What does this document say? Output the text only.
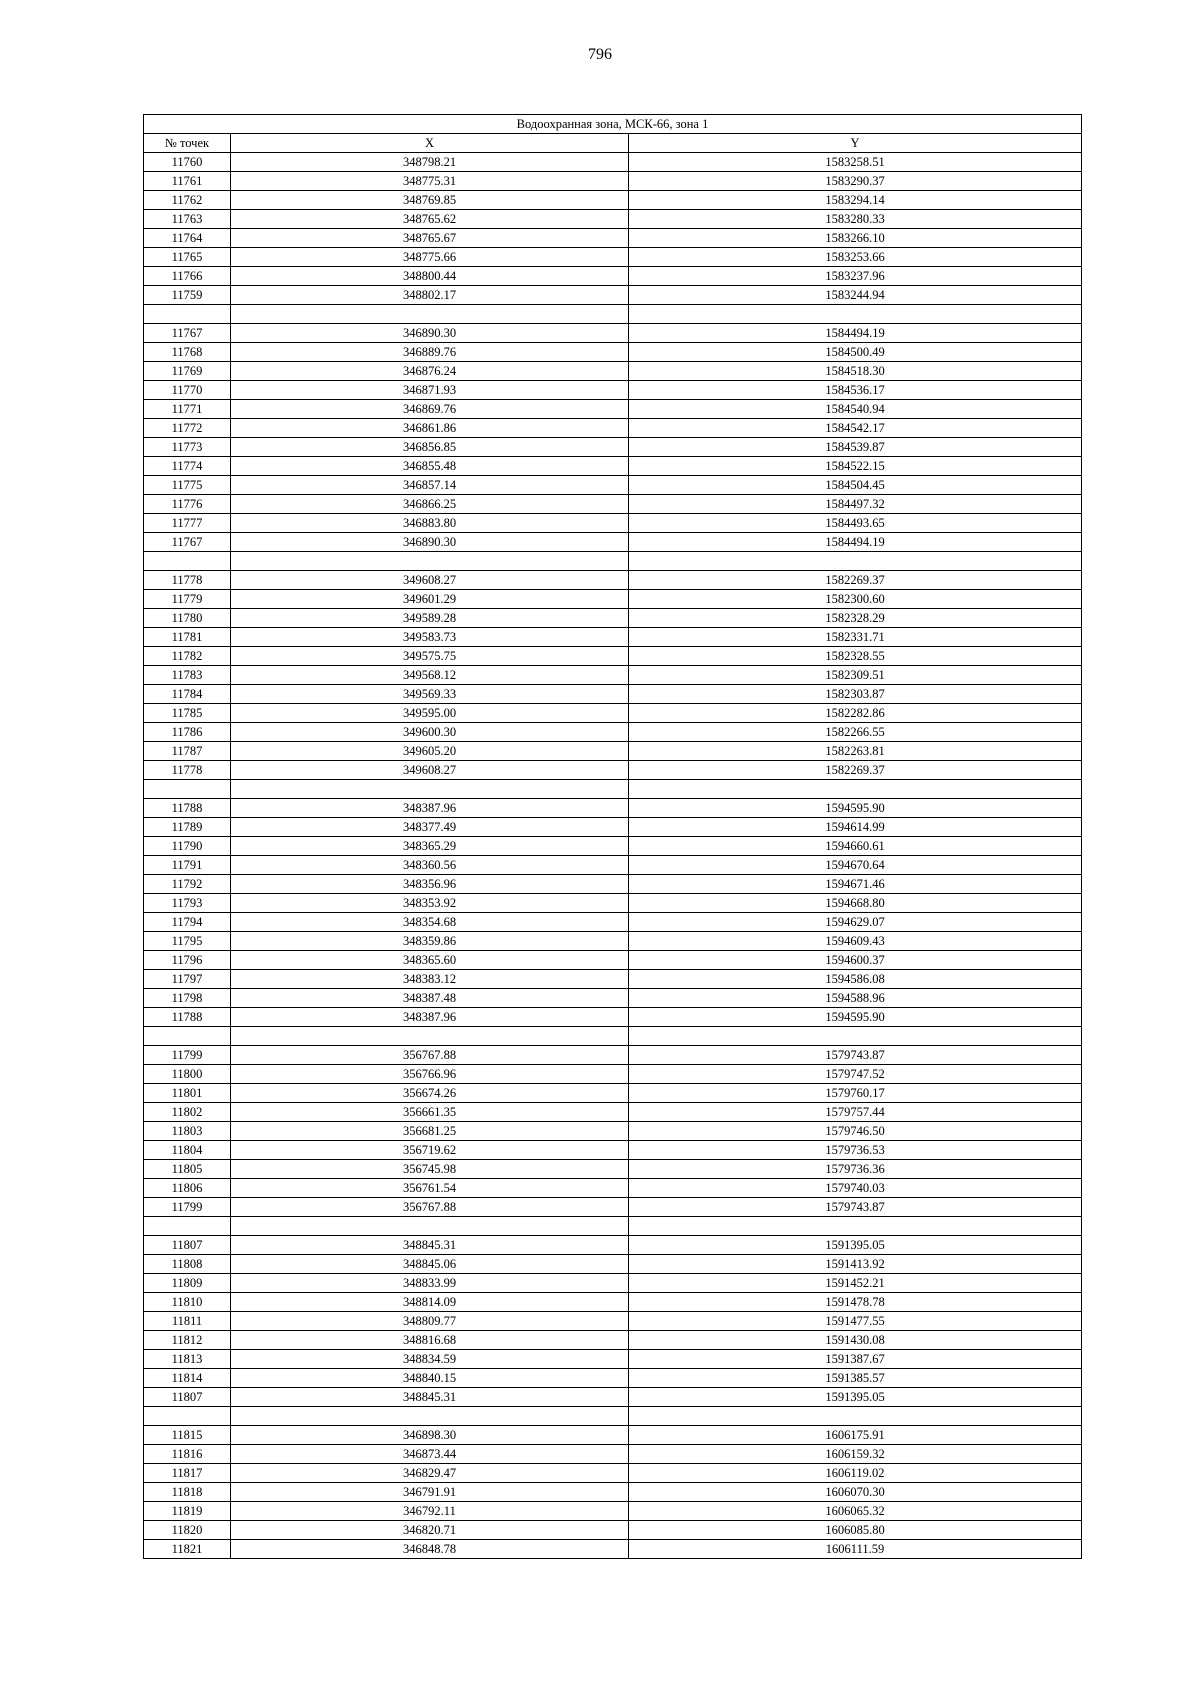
796
Водоохранная зона, МСК-66, зона 1		
№ точек	X	Y
11760	348798.21	1583258.51
11761	348775.31	1583290.37
11762	348769.85	1583294.14
11763	348765.62	1583280.33
11764	348765.67	1583266.10
11765	348775.66	1583253.66
11766	348800.44	1583237.96
11759	348802.17	1583244.94

11767	346890.30	1584494.19
11768	346889.76	1584500.49
11769	346876.24	1584518.30
11770	346871.93	1584536.17
11771	346869.76	1584540.94
11772	346861.86	1584542.17
11773	346856.85	1584539.87
11774	346855.48	1584522.15
11775	346857.14	1584504.45
11776	346866.25	1584497.32
11777	346883.80	1584493.65
11767	346890.30	1584494.19

11778	349608.27	1582269.37
11779	349601.29	1582300.60
11780	349589.28	1582328.29
11781	349583.73	1582331.71
11782	349575.75	1582328.55
11783	349568.12	1582309.51
11784	349569.33	1582303.87
11785	349595.00	1582282.86
11786	349600.30	1582266.55
11787	349605.20	1582263.81
11778	349608.27	1582269.37

11788	348387.96	1594595.90
11789	348377.49	1594614.99
11790	348365.29	1594660.61
11791	348360.56	1594670.64
11792	348356.96	1594671.46
11793	348353.92	1594668.80
11794	348354.68	1594629.07
11795	348359.86	1594609.43
11796	348365.60	1594600.37
11797	348383.12	1594586.08
11798	348387.48	1594588.96
11788	348387.96	1594595.90

11799	356767.88	1579743.87
11800	356766.96	1579747.52
11801	356674.26	1579760.17
11802	356661.35	1579757.44
11803	356681.25	1579746.50
11804	356719.62	1579736.53
11805	356745.98	1579736.36
11806	356761.54	1579740.03
11799	356767.88	1579743.87

11807	348845.31	1591395.05
11808	348845.06	1591413.92
11809	348833.99	1591452.21
11810	348814.09	1591478.78
11811	348809.77	1591477.55
11812	348816.68	1591430.08
11813	348834.59	1591387.67
11814	348840.15	1591385.57
11807	348845.31	1591395.05

11815	346898.30	1606175.91
11816	346873.44	1606159.32
11817	346829.47	1606119.02
11818	346791.91	1606070.30
11819	346792.11	1606065.32
11820	346820.71	1606085.80
11821	346848.78	1606111.59
